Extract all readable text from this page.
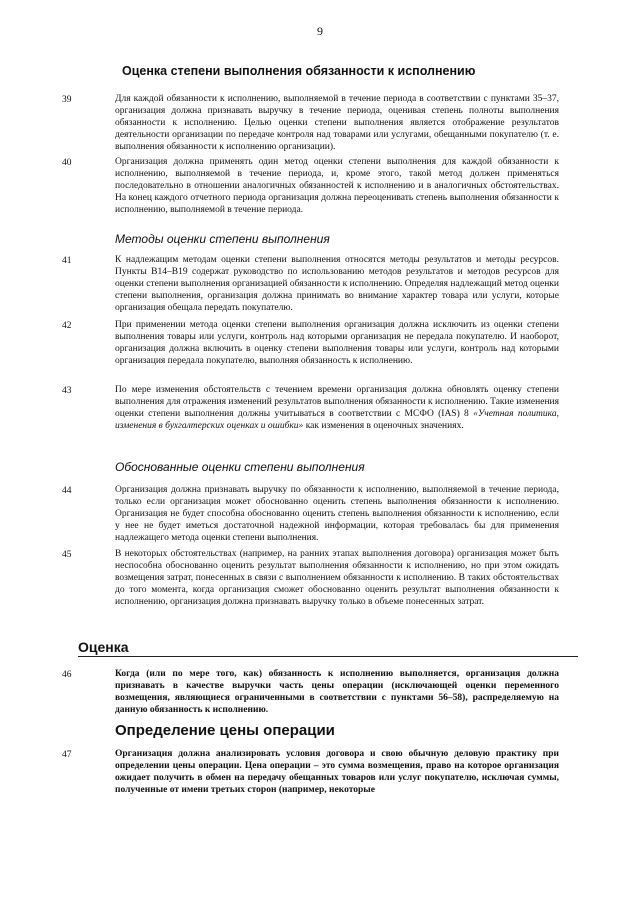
9
Оценка степени выполнения обязанности к исполнению
39	Для каждой обязанности к исполнению, выполняемой в течение периода в соответствии с пунктами 35–37, организация должна признавать выручку в течение периода, оценивая степень полноты выполнения обязанности к исполнению. Целью оценки степени выполнения является отображение результатов деятельности организации по передаче контроля над товарами или услугами, обещанными покупателю (т. е. выполнения обязанности к исполнению организации).

40	Организация должна применять один метод оценки степени выполнения для каждой обязанности к исполнению, выполняемой в течение периода, и, кроме этого, такой метод должен применяться последовательно в отношении аналогичных обязанностей к исполнению и в аналогичных обстоятельствах. На конец каждого отчетного периода организация должна переоценивать степень выполнения обязанности к исполнению, выполняемой в течение периода.

Методы оценки степени выполнения
41	К надлежащим методам оценки степени выполнения относятся методы результатов и методы ресурсов. Пункты B14–B19 содержат руководство по использованию методов результатов и методов ресурсов для оценки степени выполнения организацией обязанности к исполнению. Определяя надлежащий метод оценки степени выполнения, организация должна принимать во внимание характер товара или услуги, которые организация обещала передать покупателю.

42	При применении метода оценки степени выполнения организация должна исключить из оценки степени выполнения товары или услуги, контроль над которыми организация не передала покупателю. И наоборот, организация должна включить в оценку степени выполнения товары или услуги, контроль над которыми организация передала покупателю, выполняя обязанность к исполнению.

43	По мере изменения обстоятельств с течением времени организация должна обновлять оценку степени выполнения для отражения изменений результатов выполнения обязанности к исполнению. Такие изменения оценки степени выполнения должны учитываться в соответствии с МСФО (IAS) 8 «Учетная политика, изменения в бухгалтерских оценках и ошибки» как изменения в оценочных значениях.

Обоснованные оценки степени выполнения
44	Организация должна признавать выручку по обязанности к исполнению, выполняемой в течение периода, только если организация может обоснованно оценить степень выполнения обязанности к исполнению. Организация не будет способна обоснованно оценить степень выполнения обязанности к исполнению, если у нее не будет иметься достаточной надежной информации, которая требовалась бы для применения надлежащего метода оценки степени выполнения.

45	В некоторых обстоятельствах (например, на ранних этапах выполнения договора) организация может быть неспособна обоснованно оценить результат выполнения обязанности к исполнению, но при этом ожидать возмещения затрат, понесенных в связи с выполнением обязанности к исполнению. В таких обстоятельствах до того момента, когда организация сможет обоснованно оценить результат выполнения обязанности к исполнению, организация должна признавать выручку только в объеме понесенных затрат.

Оценка
46	Когда (или по мере того, как) обязанность к исполнению выполняется, организация должна признавать в качестве выручки часть цены операции (исключающей оценки переменного возмещения, являющиеся ограниченными в соответствии с пунктами 56–58), распределяемую на данную обязанность к исполнению.

Определение цены операции
47	Организация должна анализировать условия договора и свою обычную деловую практику при определении цены операции. Цена операции – это сумма возмещения, право на которое организация ожидает получить в обмен на передачу обещанных товаров или услуг покупателю, исключая суммы, полученные от имени третьих сторон (например, некоторые
